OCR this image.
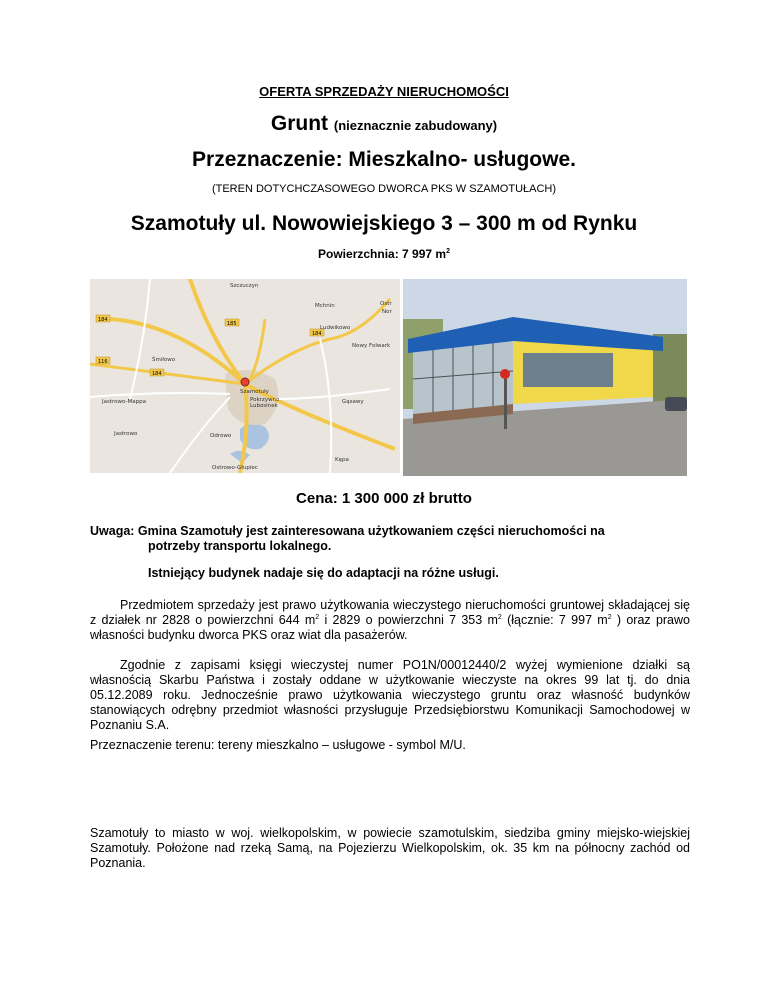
OFERTA SPRZEDAŻY NIERUCHOMOŚCI
Grunt (nieznacznie zabudowany)
Przeznaczenie: Mieszkalno- usługowe.
(TEREN DOTYCHCZASOWEGO DWORCA PKS W SZAMOTUŁACH)
Szamotuły ul. Nowowiejskiego 3 – 300 m od Rynku
Powierzchnia: 7 997 $m^2$
184
116
185
184
184
Szczuczyn
Mchnin	Ostr
Nor
Ludwikowo
Nowy Folwark
Śmiłowo
Szamotuły
Jastrowo-Mappa	Gąsawy
Jastrowo	Odrowo
Kępa
Ostrowo-Głupiec
Pokrzywno
Lubosinek
Cena: 1 300 000 zł brutto
Uwaga: Gmina Szamotuły jest zainteresowana użytkowaniem części nieruchomości na
potrzeby transportu lokalnego.
Istniejący budynek nadaje się do adaptacji na różne usługi.
Przedmiotem sprzedaży jest prawo użytkowania wieczystego nieruchomości gruntowej składającej się z działek nr 2828 o powierzchni 644 $m^2$ i 2829 o powierzchni 7 353 $m^2$ (łącznie: 7 997 $m^2$ ) oraz prawo własności budynku dworca PKS oraz wiat dla pasażerów.
Zgodnie z zapisami księgi wieczystej numer PO1N/00012440/2 wyżej wymienione działki są własnością Skarbu Państwa i zostały oddane w użytkowanie wieczyste na okres 99 lat tj. do dnia 05.12.2089 roku. Jednocześnie prawo użytkowania wieczystego gruntu oraz własność budynków stanowiących odrębny przedmiot własności przysługuje Przedsiębiorstwu Komunikacji Samochodowej w Poznaniu S.A.
Przeznaczenie terenu: tereny mieszkalno – usługowe - symbol M/U.
Szamotuły to miasto w woj. wielkopolskim, w powiecie szamotulskim, siedziba gminy miejsko-wiejskiej Szamotuły. Położone nad rzeką Samą, na Pojezierzu Wielkopolskim, ok. 35 km na północny zachód od Poznania.
